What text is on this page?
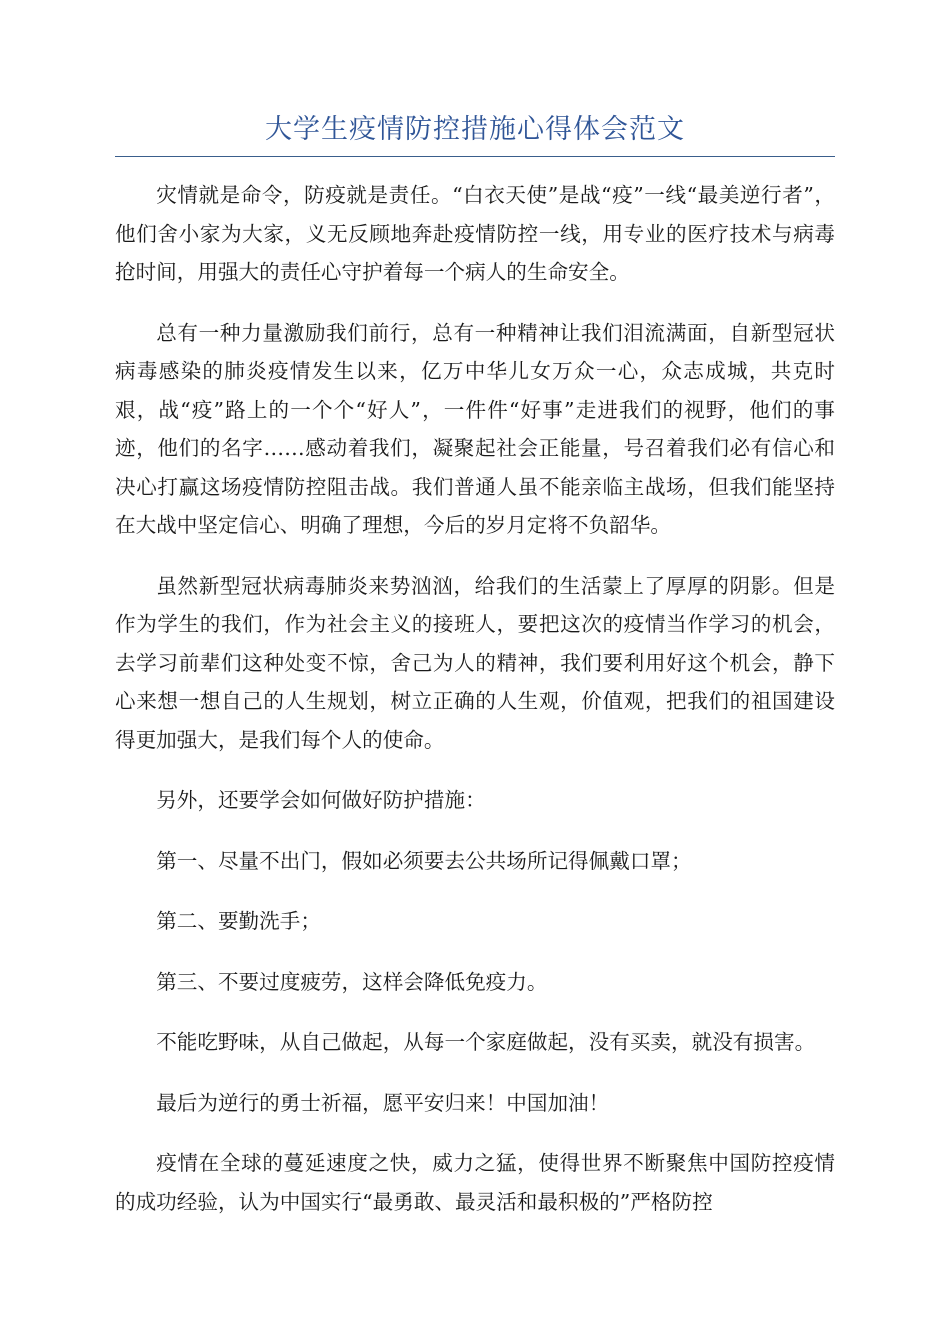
大学生疫情防控措施心得体会范文

灾情就是命令，防疫就是责任。“白衣天使”是战“疫”一线“最美逆行者”，他们舍小家为大家，义无反顾地奔赴疫情防控一线，用专业的医疗技术与病毒抢时间，用强大的责任心守护着每一个病人的生命安全。

总有一种力量激励我们前行，总有一种精神让我们泪流满面，自新型冠状病毒感染的肺炎疫情发生以来，亿万中华儿女万众一心，众志成城，共克时艰，战“疫”路上的一个个“好人”，一件件“好事”走进我们的视野，他们的事迹，他们的名字……感动着我们，凝聚起社会正能量，号召着我们必有信心和决心打赢这场疫情防控阻击战。我们普通人虽不能亲临主战场，但我们能坚持在大战中坚定信心、明确了理想，今后的岁月定将不负韶华。

虽然新型冠状病毒肺炎来势汹汹，给我们的生活蒙上了厚厚的阴影。但是作为学生的我们，作为社会主义的接班人，要把这次的疫情当作学习的机会，去学习前辈们这种处变不惊，舍己为人的精神，我们要利用好这个机会，静下心来想一想自己的人生规划，树立正确的人生观，价值观，把我们的祖国建设得更加强大，是我们每个人的使命。

另外，还要学会如何做好防护措施：

第一、尽量不出门，假如必须要去公共场所记得佩戴口罩；

第二、要勤洗手；

第三、不要过度疲劳，这样会降低免疫力。

不能吃野味，从自己做起，从每一个家庭做起，没有买卖，就没有损害。

最后为逆行的勇士祈福，愿平安归来！中国加油！

疫情在全球的蔓延速度之快，威力之猛，使得世界不断聚焦中国防控疫情的成功经验，认为中国实行“最勇敢、最灵活和最积极的”严格防控
